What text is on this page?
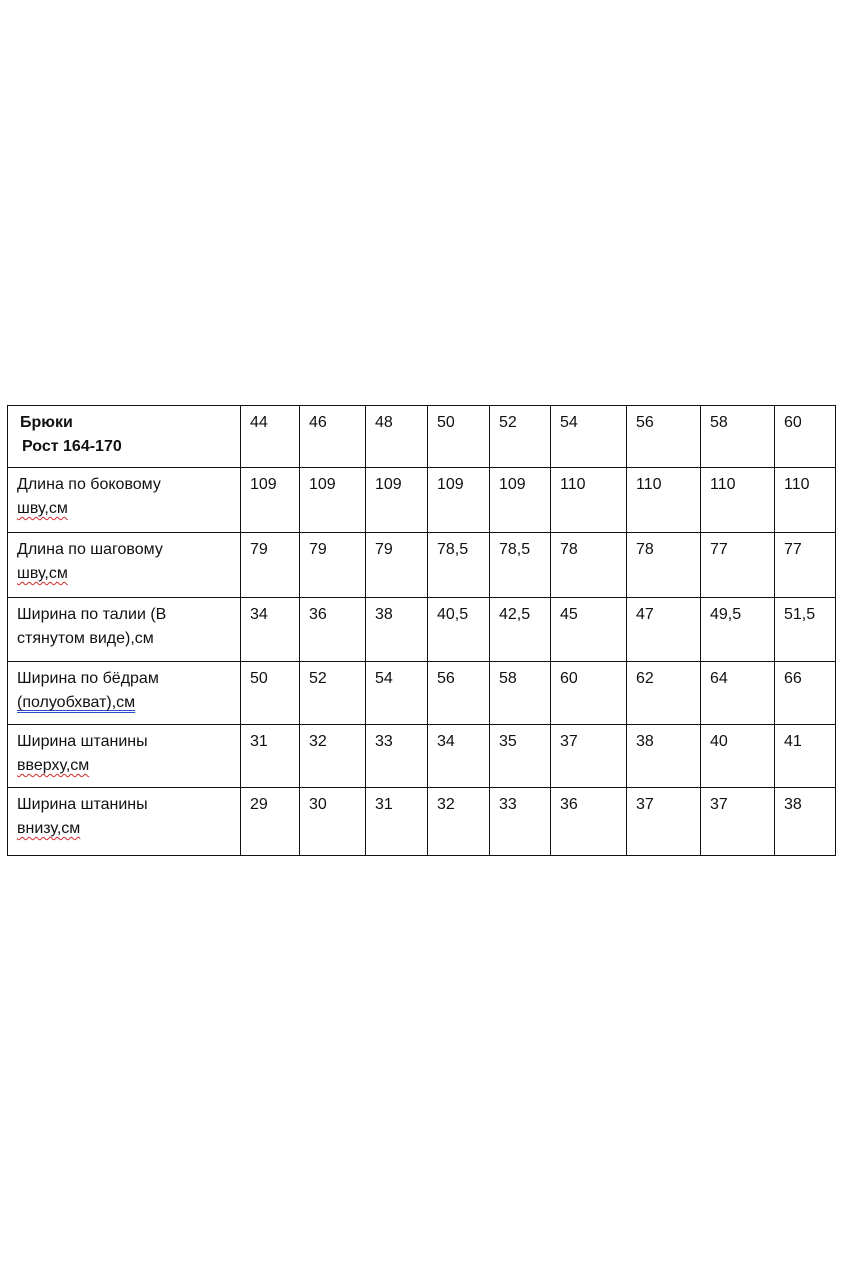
Брюки
Рост 164-170	44	46	48	50	52	54	56	58	60

Длина по боковому
шву,см	109	109	109	109	109	110	110	110	110

Длина по шаговому
шву,см	79	79	79	78,5	78,5	78	78	77	77

Ширина по талии (В
стянутом виде),см	34	36	38	40,5	42,5	45	47	49,5	51,5

Ширина по бёдрам
(полуобхват),см	50	52	54	56	58	60	62	64	66

Ширина штанины
вверху,см	31	32	33	34	35	37	38	40	41

Ширина штанины
внизу,см	29	30	31	32	33	36	37	37	38
